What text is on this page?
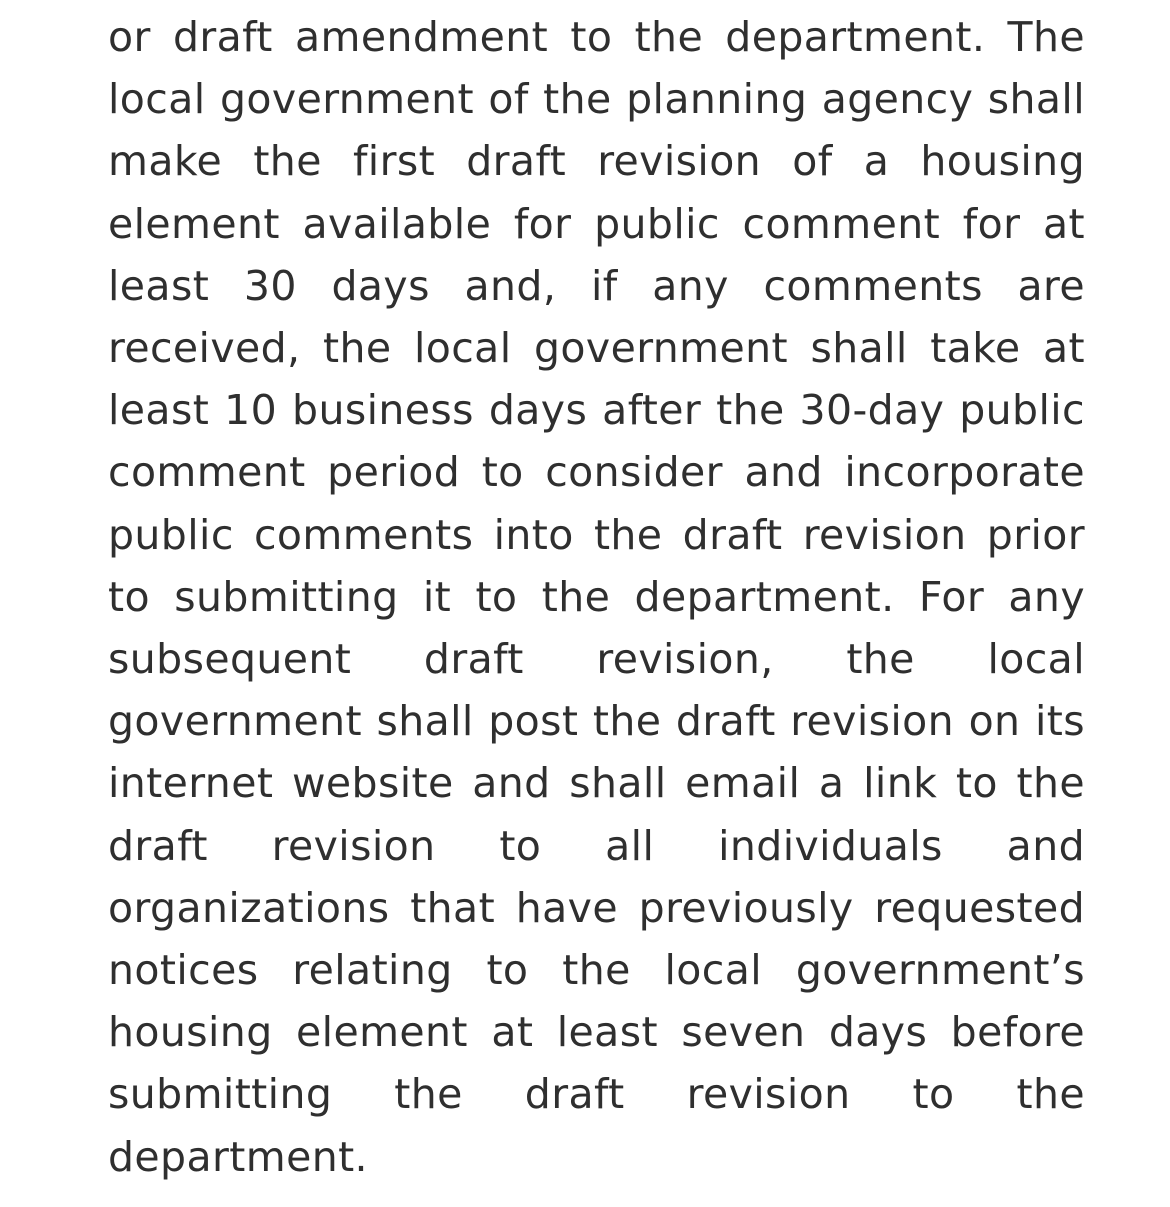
or draft amendment to the department. The local government of the planning agency shall make the first draft revision of a housing element available for public comment for at least 30 days and, if any comments are received, the local government shall take at least 10 business days after the 30-day public comment period to consider and incorporate public comments into the draft revision prior to submitting it to the department. For any subsequent draft revision, the local government shall post the draft revision on its internet website and shall email a link to the draft revision to all individuals and organizations that have previously requested notices relating to the local government’s housing element at least seven days before submitting the draft revision to the department.
